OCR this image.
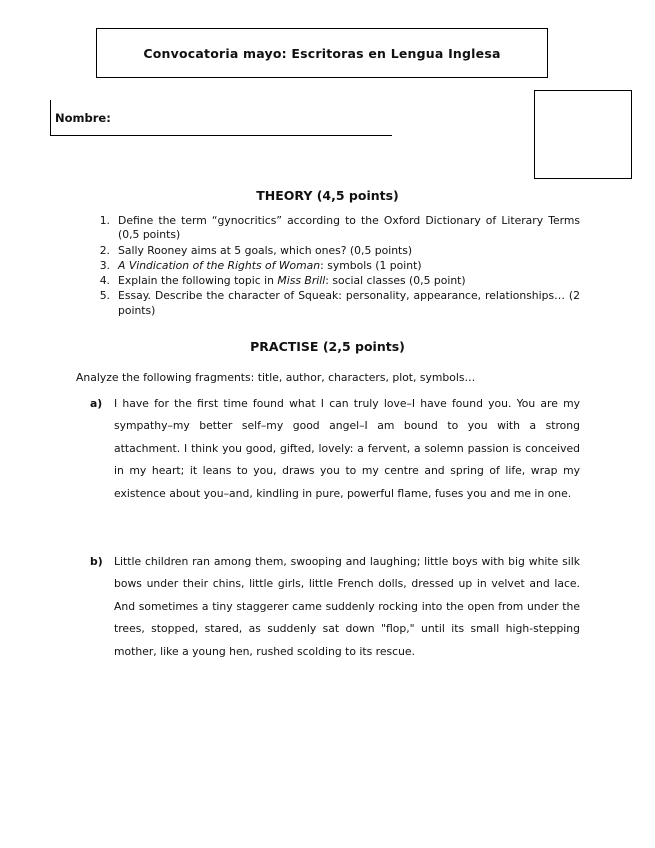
Convocatoria mayo: Escritoras en Lengua Inglesa
Nombre:
THEORY (4,5 points)
1. Define the term “gynocritics” according to the Oxford Dictionary of Literary Terms (0,5 points)
2. Sally Rooney aims at 5 goals, which ones? (0,5 points)
3. A Vindication of the Rights of Woman: symbols (1 point)
4. Explain the following topic in Miss Brill: social classes (0,5 point)
5. Essay. Describe the character of Squeak: personality, appearance, relationships… (2 points)
PRACTISE (2,5 points)
Analyze the following fragments: title, author, characters, plot, symbols…
a)	I have for the first time found what I can truly love–I have found you. You are my sympathy–my better self–my good angel–I am bound to you with a strong attachment. I think you good, gifted, lovely: a fervent, a solemn passion is conceived in my heart; it leans to you, draws you to my centre and spring of life, wrap my existence about you–and, kindling in pure, powerful flame, fuses you and me in one.
b)	Little children ran among them, swooping and laughing; little boys with big white silk bows under their chins, little girls, little French dolls, dressed up in velvet and lace. And sometimes a tiny staggerer came suddenly rocking into the open from under the trees, stopped, stared, as suddenly sat down "flop," until its small high-stepping mother, like a young hen, rushed scolding to its rescue.
